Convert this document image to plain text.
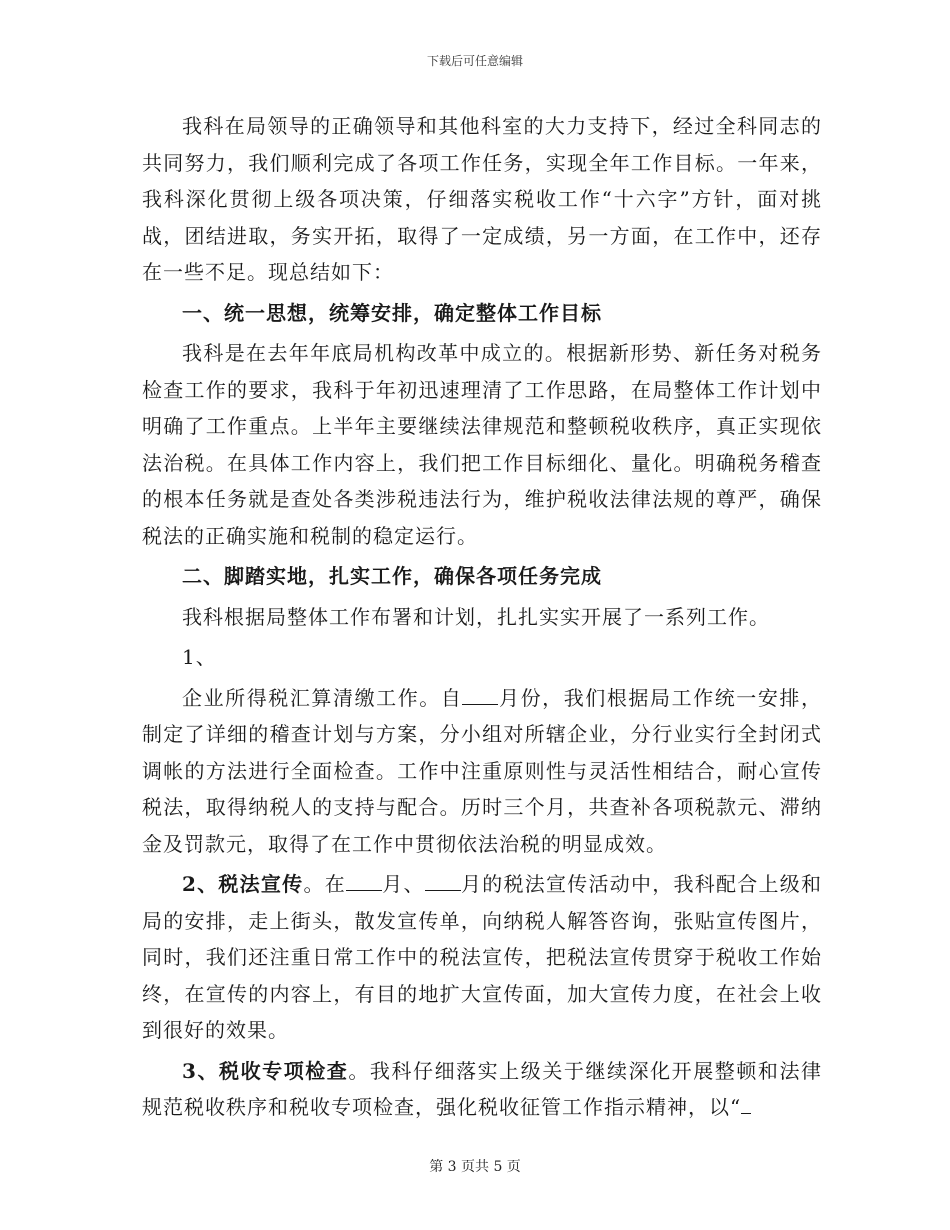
下载后可任意编辑

我科在局领导的正确领导和其他科室的大力支持下，经过全科同志的共同努力，我们顺利完成了各项工作任务，实现全年工作目标。一年来，我科深化贯彻上级各项决策，仔细落实税收工作“十六字”方针，面对挑战，团结进取，务实开拓，取得了一定成绩，另一方面，在工作中，还存在一些不足。现总结如下：

一、统一思想，统筹安排，确定整体工作目标

我科是在去年年底局机构改革中成立的。根据新形势、新任务对税务检查工作的要求，我科于年初迅速理清了工作思路，在局整体工作计划中明确了工作重点。上半年主要继续法律规范和整顿税收秩序，真正实现依法治税。在具体工作内容上，我们把工作目标细化、量化。明确税务稽查的根本任务就是查处各类涉税违法行为，维护税收法律法规的尊严，确保税法的正确实施和税制的稳定运行。

二、脚踏实地，扎实工作，确保各项任务完成

我科根据局整体工作布署和计划，扎扎实实开展了一系列工作。

1、

企业所得税汇算清缴工作。自 月份，我们根据局工作统一安排，制定了详细的稽查计划与方案，分小组对所辖企业，分行业实行全封闭式调帐的方法进行全面检查。工作中注重原则性与灵活性相结合，耐心宣传税法，取得纳税人的支持与配合。历时三个月，共查补各项税款元、滞纳金及罚款元，取得了在工作中贯彻依法治税的明显成效。

2、税法宣传。在 月、 月的税法宣传活动中，我科配合上级和局的安排，走上街头，散发宣传单，向纳税人解答咨询，张贴宣传图片，同时，我们还注重日常工作中的税法宣传，把税法宣传贯穿于税收工作始终，在宣传的内容上，有目的地扩大宣传面，加大宣传力度，在社会上收到很好的效果。

3、税收专项检查。我科仔细落实上级关于继续深化开展整顿和法律规范税收秩序和税收专项检查，强化税收征管工作指示精神，以“

第 3 页共 5 页
